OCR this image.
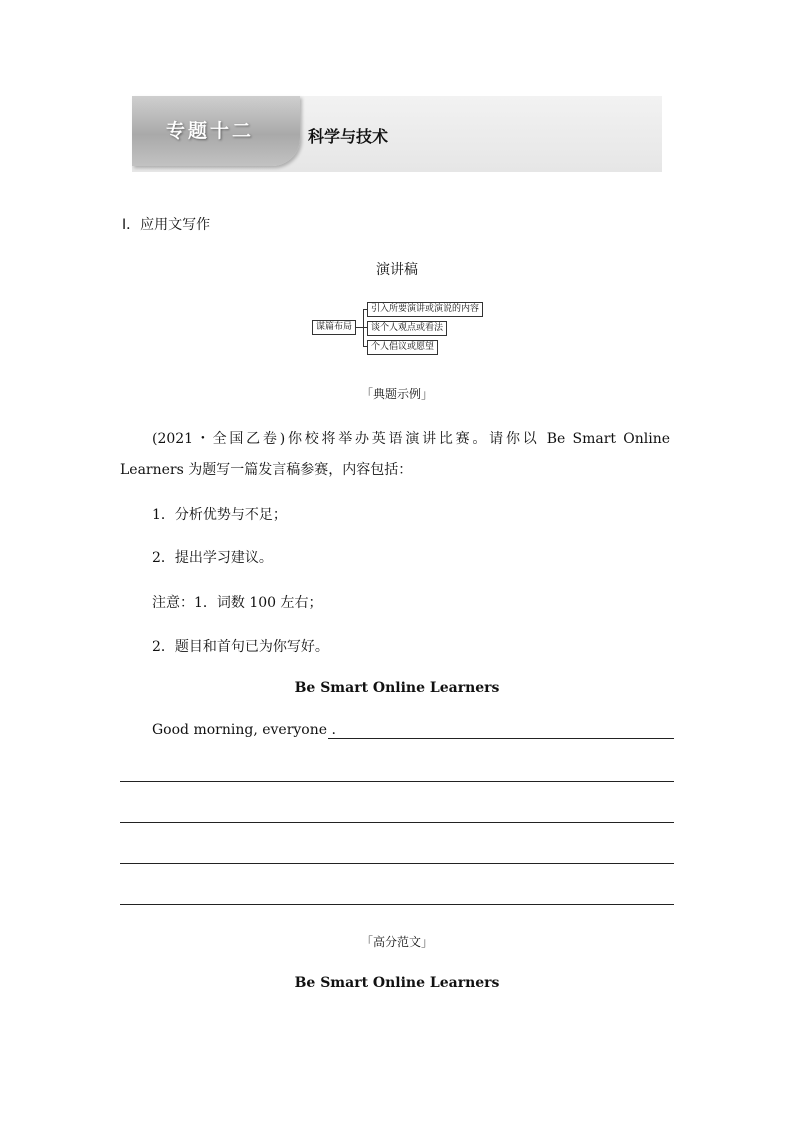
专题十二	科学与技术
Ⅰ．应用文写作
演讲稿
谋篇布局
引入所要演讲或演说的内容
谈个人观点或看法
个人倡议或愿望
「典题示例」
(2021・全国乙卷)你校将举办英语演讲比赛。请你以 Be Smart Online
Learners 为题写一篇发言稿参赛，内容包括：
1．分析优势与不足；
2．提出学习建议。
注意：1．词数 100 左右；
2．题目和首句已为你写好。
Be Smart Online Learners
Good morning, everyone .
「高分范文」
Be Smart Online Learners
